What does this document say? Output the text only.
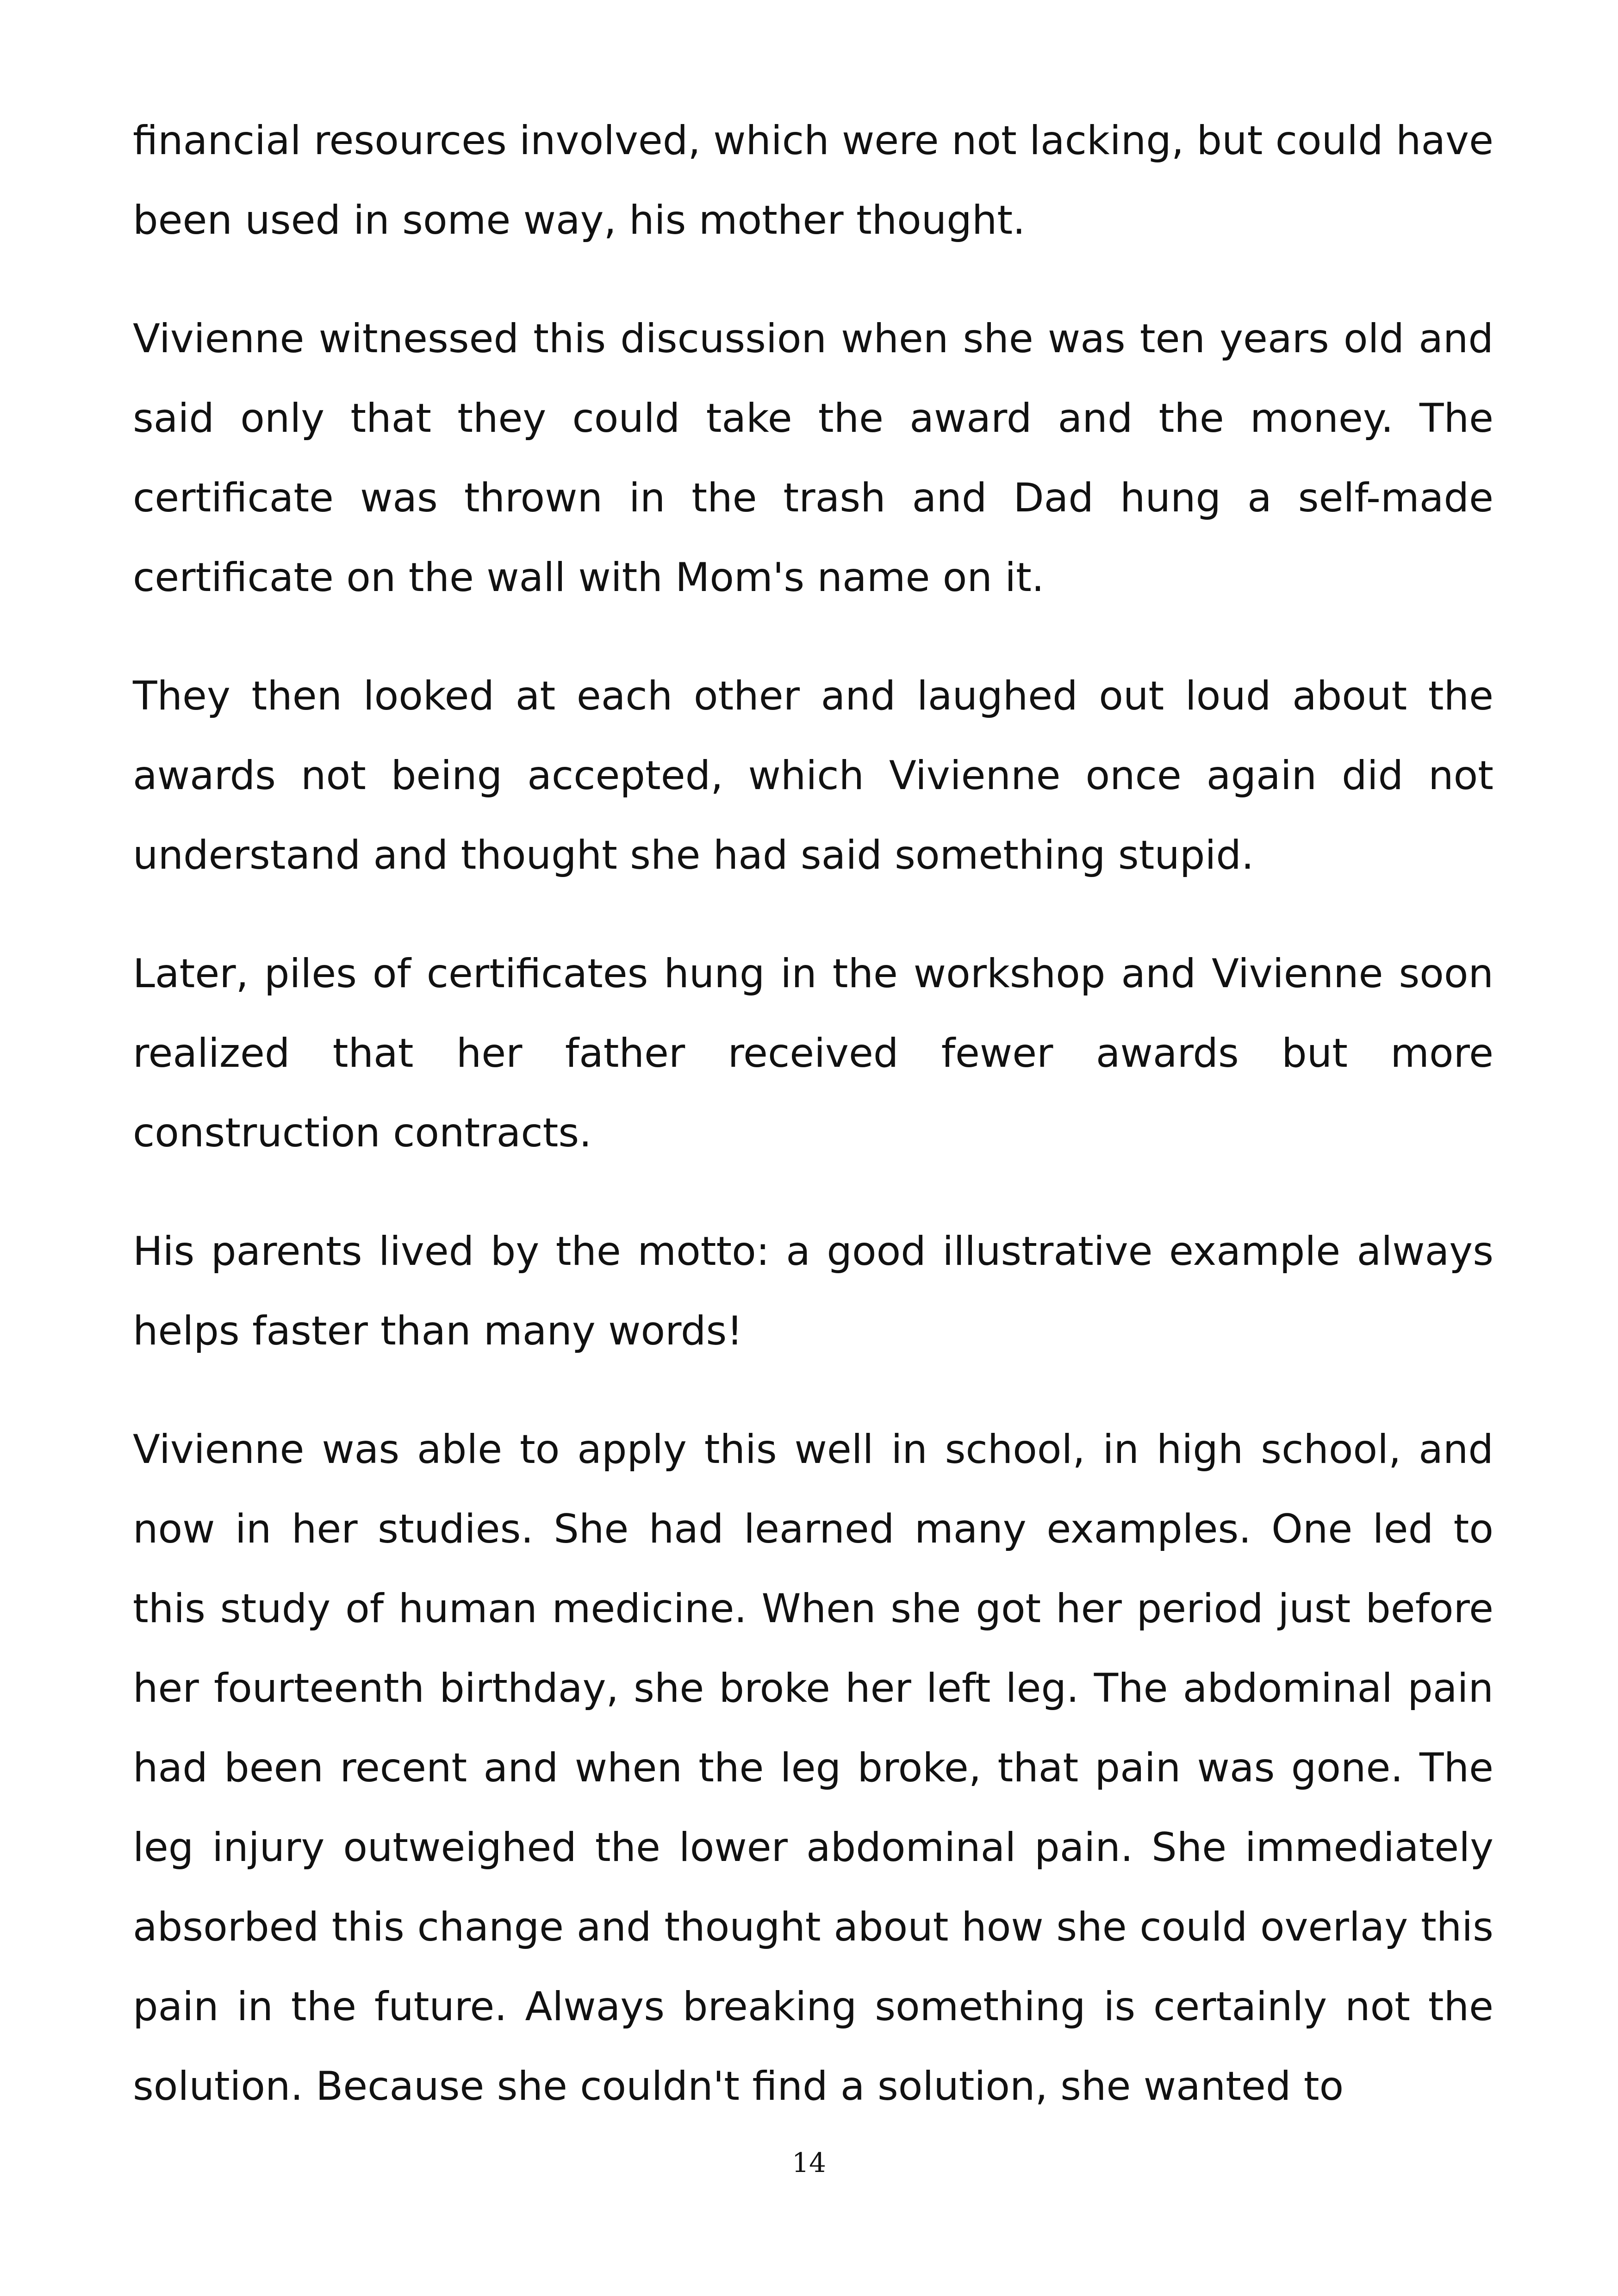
financial resources involved, which were not lacking, but could have been used in some way, his mother thought.

Vivienne witnessed this discussion when she was ten years old and said only that they could take the award and the money. The certificate was thrown in the trash and Dad hung a self-made certificate on the wall with Mom's name on it.

They then looked at each other and laughed out loud about the awards not being accepted, which Vivienne once again did not understand and thought she had said something stupid.

Later, piles of certificates hung in the workshop and Vivienne soon realized that her father received fewer awards but more construction contracts.

His parents lived by the motto: a good illustrative example always helps faster than many words!

Vivienne was able to apply this well in school, in high school, and now in her studies. She had learned many examples. One led to this study of human medicine. When she got her period just before her fourteenth birthday, she broke her left leg. The abdominal pain had been recent and when the leg broke, that pain was gone. The leg injury outweighed the lower abdominal pain. She immediately absorbed this change and thought about how she could overlay this pain in the future. Always breaking something is certainly not the solution. Because she couldn't find a solution, she wanted to

14
